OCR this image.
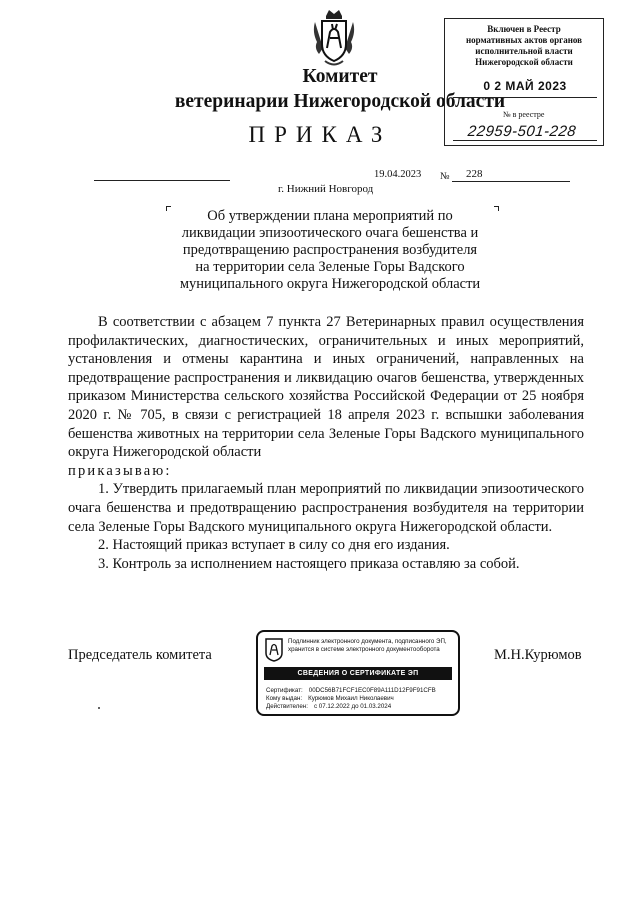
Комитет
ветеринарии Нижегородской области
ПРИКАЗ
Включен в Реестр
нормативных актов органов
исполнительной власти
Нижегородской области
0 2 МАЙ 2023
№ в реестре
22959-501-228
19.04.2023 № 228
г. Нижний Новгород
Об утверждении плана мероприятий по
ликвидации эпизоотического очага бешенства и
предотвращению распространения возбудителя
на территории села Зеленые Горы Вадского
муниципального округа Нижегородской области

В соответствии с абзацем 7 пункта 27 Ветеринарных правил осуществления профилактических, диагностических, ограничительных и иных мероприятий, установления и отмены карантина и иных ограничений, направленных на предотвращение распространения и ликвидацию очагов бешенства, утвержденных приказом Министерства сельского хозяйства Российской Федерации от 25 ноября 2020 г. № 705, в связи с регистрацией 18 апреля 2023 г. вспышки заболевания бешенства животных на территории села Зеленые Горы Вадского муниципального округа Нижегородской области

приказываю:

1. Утвердить прилагаемый план мероприятий по ликвидации эпизоотического очага бешенства и предотвращению распространения возбудителя на территории села Зеленые Горы Вадского муниципального округа Нижегородской области.

2. Настоящий приказ вступает в силу со дня его издания.

3. Контроль за исполнением настоящего приказа оставляю за собой.

Председатель комитета	М.Н.Курюмов
Подлинник электронного документа, подписанного ЭП,
хранится в системе электронного документооборота
СВЕДЕНИЯ О СЕРТИФИКАТЕ ЭП
Сертификат: 00DC56B71FCF1EC0F89A111D12F9F91CFB
Кому выдан: Курюмов Михаил Николаевич
Действителен: с 07.12.2022 до 01.03.2024
